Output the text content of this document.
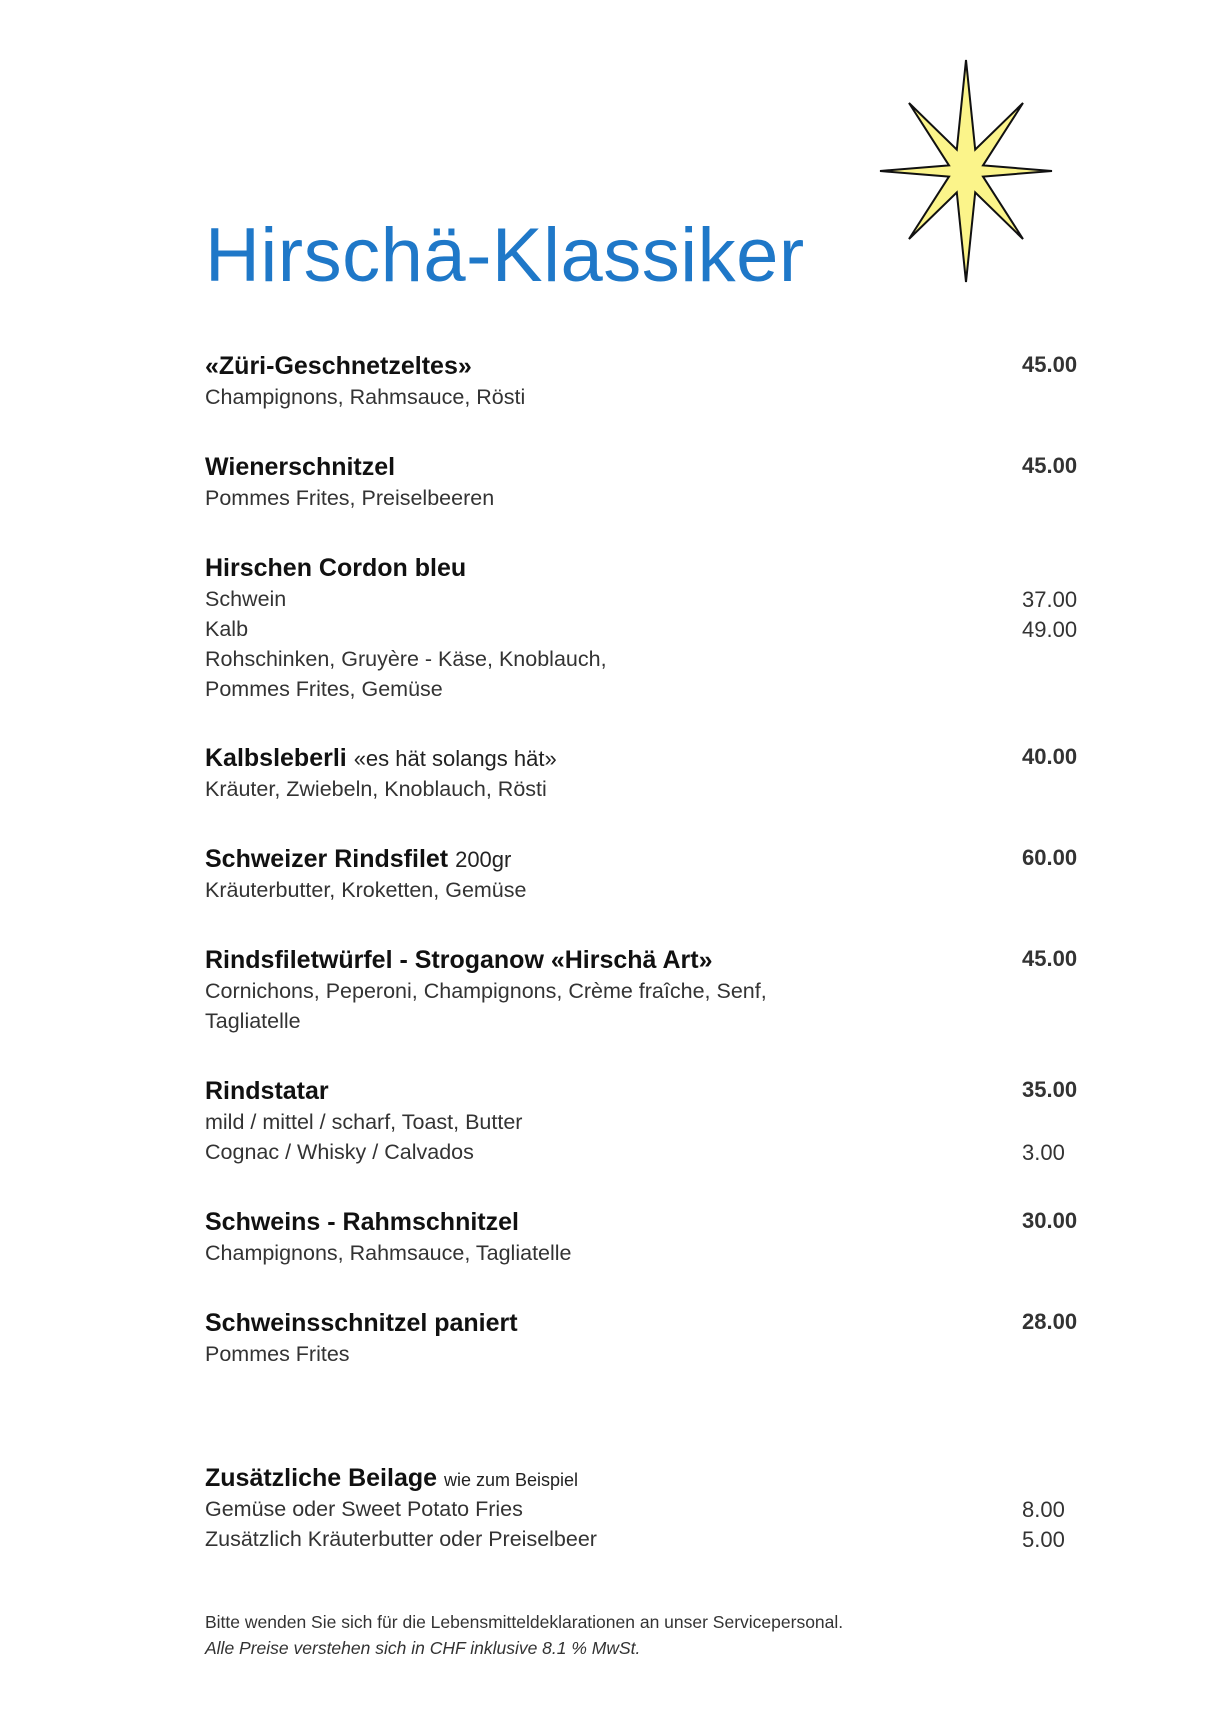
Hirschä-Klassiker
«Züri-Geschnetzeltes»	45.00
Champignons, Rahmsauce, Rösti
Wienerschnitzel	45.00
Pommes Frites, Preiselbeeren
Hirschen Cordon bleu
Schwein	37.00
Kalb	49.00
Rohschinken, Gruyère - Käse, Knoblauch,
Pommes Frites, Gemüse
Kalbsleberli «es hät solangs hät»	40.00
Kräuter, Zwiebeln, Knoblauch, Rösti
Schweizer Rindsfilet 200gr	60.00
Kräuterbutter, Kroketten, Gemüse
Rindsfiletwürfel - Stroganow «Hirschä Art»	45.00
Cornichons, Peperoni, Champignons, Crème fraîche, Senf,
Tagliatelle
Rindstatar	35.00
mild / mittel / scharf, Toast, Butter
Cognac / Whisky / Calvados	3.00
Schweins - Rahmschnitzel	30.00
Champignons, Rahmsauce, Tagliatelle
Schweinsschnitzel paniert	28.00
Pommes Frites
Zusätzliche Beilage wie zum Beispiel
Gemüse oder Sweet Potato Fries	8.00
Zusätzlich Kräuterbutter oder Preiselbeer	5.00
Bitte wenden Sie sich für die Lebensmitteldeklarationen an unser Servicepersonal.
Alle Preise verstehen sich in CHF inklusive 8.1 % MwSt.
